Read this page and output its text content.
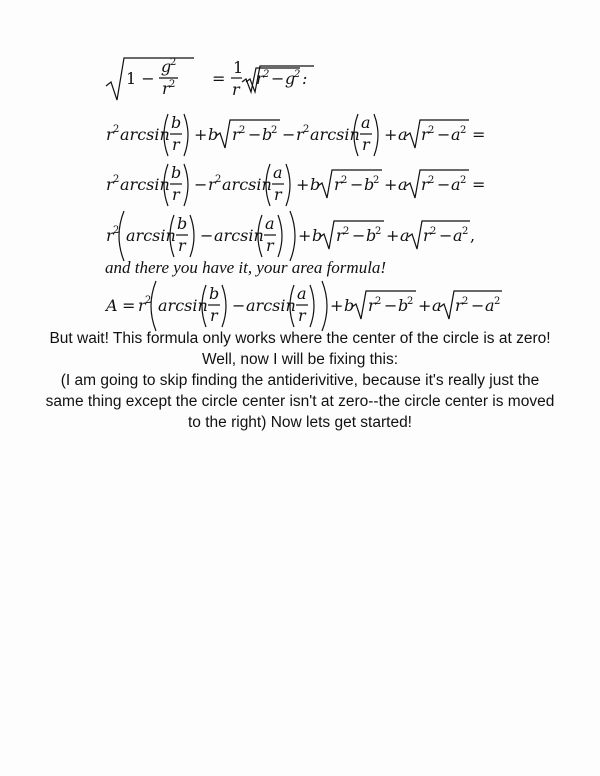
1 −
g
2
r 2 =
1
r
r 2 − g
2 :
r 2 arcsin
b
r
+ b r 2 − b
2 − r 2 arcsin
a
r
+ a r 2 − a 2 =
r 2 arcsin
b
r
− r 2 arcsin
a
r
+ b r 2 − b
2 + a r 2 − a 2 =
r 2 arcsin
b
r
− arcsin
a
r
+ b r 2 − b
2 + a r 2 − a 2 ,
and there you have it, your area formula!
A = r 2 arcsin
b
r
− arcsin
a
r
+ b r 2 − b
2 + a r 2 − a 2

But wait! This formula only works where the center of the circle is at zero! Well, now I will be fixing this:

(I am going to skip finding the antiderivitive, because it's really just the same thing except the circle center isn't at zero--the circle center is moved to the right) Now lets get started!
